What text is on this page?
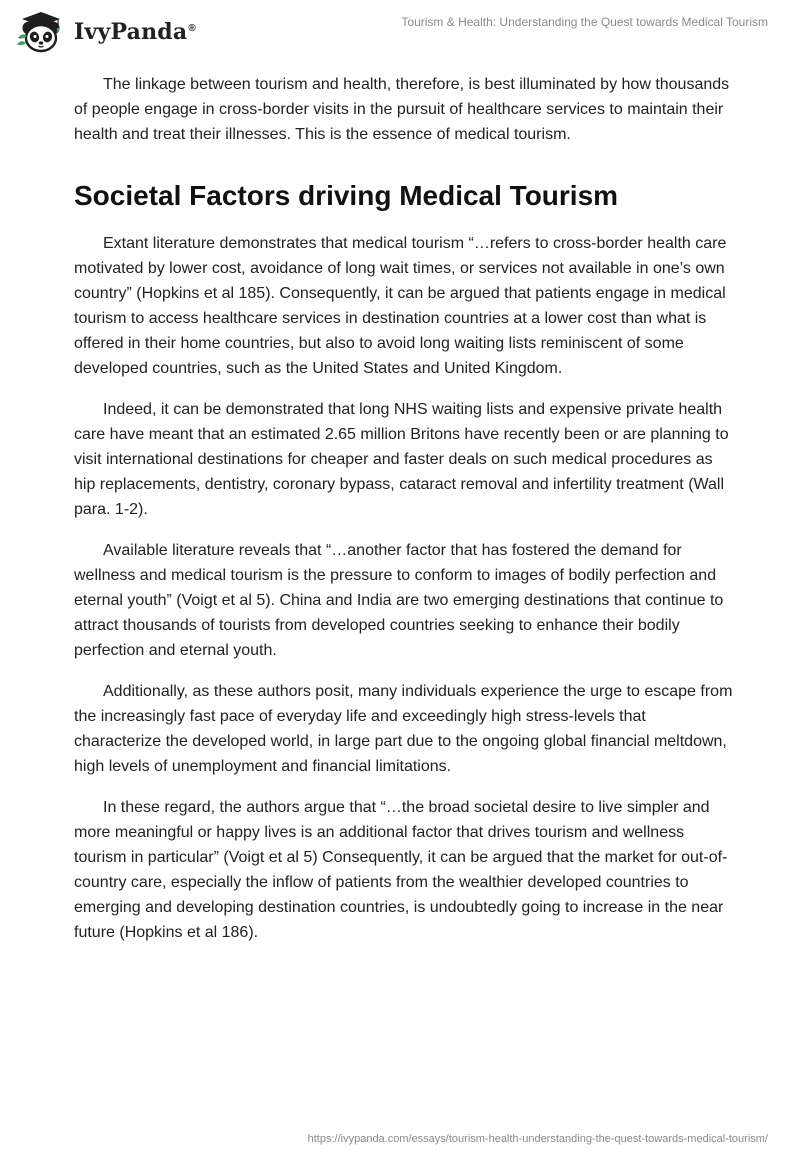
IvyPanda®	Tourism & Health: Understanding the Quest towards Medical Tourism

The linkage between tourism and health, therefore, is best illuminated by how thousands of people engage in cross-border visits in the pursuit of healthcare services to maintain their health and treat their illnesses. This is the essence of medical tourism.

Societal Factors driving Medical Tourism

Extant literature demonstrates that medical tourism “…refers to cross-border health care motivated by lower cost, avoidance of long wait times, or services not available in one’s own country” (Hopkins et al 185). Consequently, it can be argued that patients engage in medical tourism to access healthcare services in destination countries at a lower cost than what is offered in their home countries, but also to avoid long waiting lists reminiscent of some developed countries, such as the United States and United Kingdom.

Indeed, it can be demonstrated that long NHS waiting lists and expensive private health care have meant that an estimated 2.65 million Britons have recently been or are planning to visit international destinations for cheaper and faster deals on such medical procedures as hip replacements, dentistry, coronary bypass, cataract removal and infertility treatment (Wall para. 1-2).

Available literature reveals that “…another factor that has fostered the demand for wellness and medical tourism is the pressure to conform to images of bodily perfection and eternal youth” (Voigt et al 5). China and India are two emerging destinations that continue to attract thousands of tourists from developed countries seeking to enhance their bodily perfection and eternal youth.

Additionally, as these authors posit, many individuals experience the urge to escape from the increasingly fast pace of everyday life and exceedingly high stress-levels that characterize the developed world, in large part due to the ongoing global financial meltdown, high levels of unemployment and financial limitations.

In these regard, the authors argue that “…the broad societal desire to live simpler and more meaningful or happy lives is an additional factor that drives tourism and wellness tourism in particular” (Voigt et al 5) Consequently, it can be argued that the market for out-of-country care, especially the inflow of patients from the wealthier developed countries to emerging and developing destination countries, is undoubtedly going to increase in the near future (Hopkins et al 186).

https://ivypanda.com/essays/tourism-health-understanding-the-quest-towards-medical-tourism/
